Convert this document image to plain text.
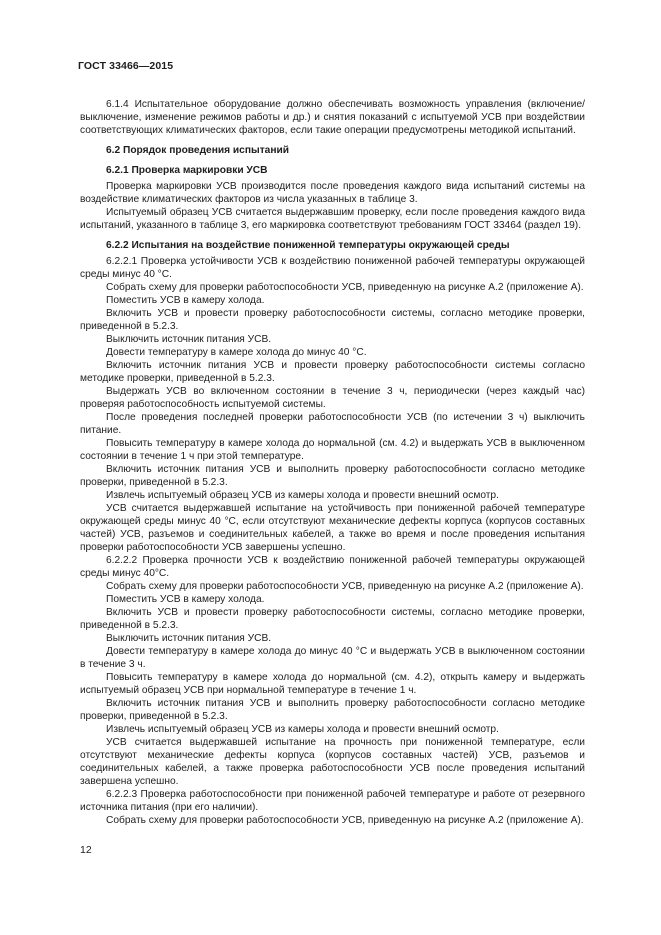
ГОСТ 33466—2015

6.1.4 Испытательное оборудование должно обеспечивать возможность управления (включение/выключение, изменение режимов работы и др.) и снятия показаний с испытуемой УСВ при воздействии соответствующих климатических факторов, если такие операции предусмотрены методикой испытаний.

6.2 Порядок проведения испытаний

6.2.1 Проверка маркировки УСВ

Проверка маркировки УСВ производится после проведения каждого вида испытаний системы на воздействие климатических факторов из числа указанных в таблице 3.

Испытуемый образец УСВ считается выдержавшим проверку, если после проведения каждого вида испытаний, указанного в таблице 3, его маркировка соответствуют требованиям ГОСТ 33464 (раздел 19).

6.2.2 Испытания на воздействие пониженной температуры окружающей среды

6.2.2.1 Проверка устойчивости УСВ к воздействию пониженной рабочей температуры окружающей среды минус 40 °С.

Собрать схему для проверки работоспособности УСВ, приведенную на рисунке А.2 (приложение А).

Поместить УСВ в камеру холода.

Включить УСВ и провести проверку работоспособности системы, согласно методике проверки, приведенной в 5.2.3.

Выключить источник питания УСВ.

Довести температуру в камере холода до минус 40 °С.

Включить источник питания УСВ и провести проверку работоспособности системы согласно методике проверки, приведенной в 5.2.3.

Выдержать УСВ во включенном состоянии в течение 3 ч, периодически (через каждый час) проверяя работоспособность испытуемой системы.

После проведения последней проверки работоспособности УСВ (по истечении 3 ч) выключить питание.

Повысить температуру в камере холода до нормальной (см. 4.2) и выдержать УСВ в выключенном состоянии в течение 1 ч при этой температуре.

Включить источник питания УСВ и выполнить проверку работоспособности согласно методике проверки, приведенной в 5.2.3.

Извлечь испытуемый образец УСВ из камеры холода и провести внешний осмотр.

УСВ считается выдержавшей испытание на устойчивость при пониженной рабочей температуре окружающей среды минус 40 °С, если отсутствуют механические дефекты корпуса (корпусов составных частей) УСВ, разъемов и соединительных кабелей, а также во время и после проведения испытания проверки работоспособности УСВ завершены успешно.

6.2.2.2 Проверка прочности УСВ к воздействию пониженной рабочей температуры окружающей среды минус 40°С.

Собрать схему для проверки работоспособности УСВ, приведенную на рисунке А.2 (приложение А).

Поместить УСВ в камеру холода.

Включить УСВ и провести проверку работоспособности системы, согласно методике проверки, приведенной в 5.2.3.

Выключить источник питания УСВ.

Довести температуру в камере холода до минус 40 °С и выдержать УСВ в выключенном состоянии в течение 3 ч.

Повысить температуру в камере холода до нормальной (см. 4.2), открыть камеру и выдержать испытуемый образец УСВ при нормальной температуре в течение 1 ч.

Включить источник питания УСВ и выполнить проверку работоспособности согласно методике проверки, приведенной в 5.2.3.

Извлечь испытуемый образец УСВ из камеры холода и провести внешний осмотр.

УСВ считается выдержавшей испытание на прочность при пониженной температуре, если отсутствуют механические дефекты корпуса (корпусов составных частей) УСВ, разъемов и соединительных кабелей, а также проверка работоспособности УСВ после проведения испытаний завершена успешно.

6.2.2.3 Проверка работоспособности при пониженной рабочей температуре и работе от резервного источника питания (при его наличии).

Собрать схему для проверки работоспособности УСВ, приведенную на рисунке А.2 (приложение А).

12
